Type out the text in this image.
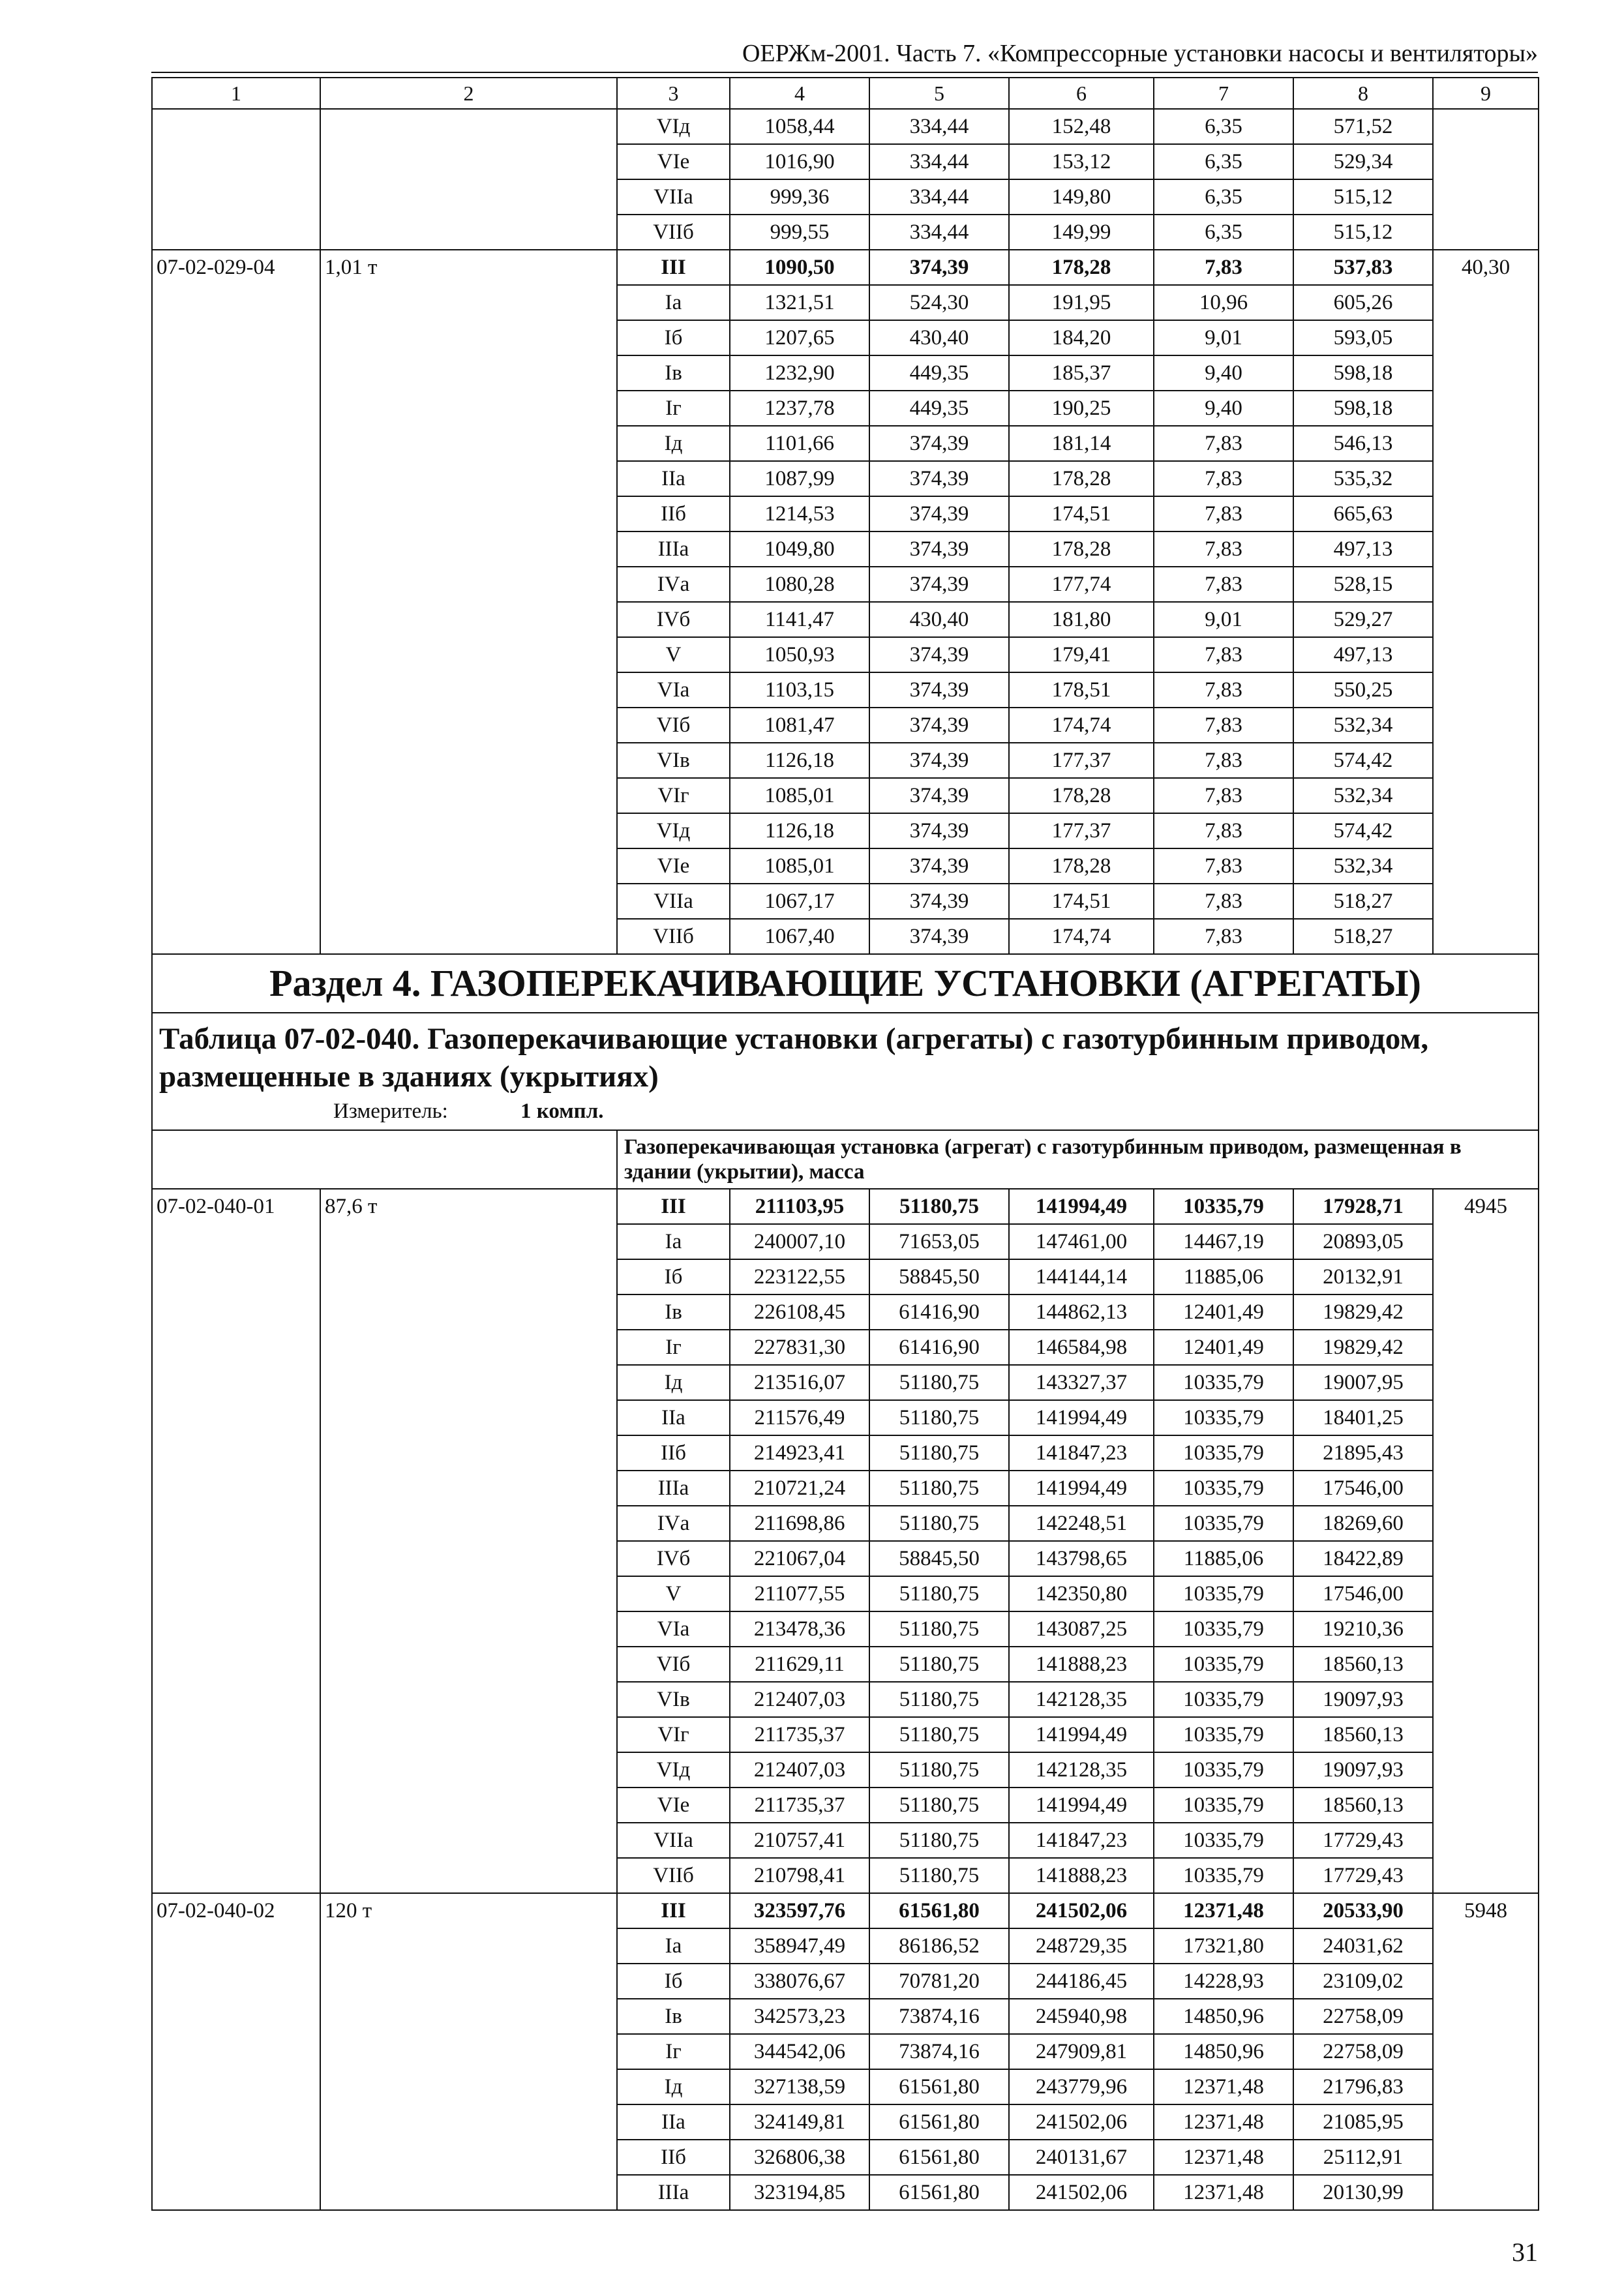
ОЕРЖм-2001. Часть 7. «Компрессорные установки насосы и вентиляторы»
1	2	3	4	5	6	7	8	9
		VIд	1058,44	334,44	152,48	6,35	571,52	
		VIе	1016,90	334,44	153,12	6,35	529,34	
		VIIа	999,36	334,44	149,80	6,35	515,12	
		VIIб	999,55	334,44	149,99	6,35	515,12	
07-02-029-04	1,01 т	III	1090,50	374,39	178,28	7,83	537,83	40,30
		Iа	1321,51	524,30	191,95	10,96	605,26	
		Iб	1207,65	430,40	184,20	9,01	593,05	
		Iв	1232,90	449,35	185,37	9,40	598,18	
		Iг	1237,78	449,35	190,25	9,40	598,18	
		Iд	1101,66	374,39	181,14	7,83	546,13	
		IIа	1087,99	374,39	178,28	7,83	535,32	
		IIб	1214,53	374,39	174,51	7,83	665,63	
		IIIа	1049,80	374,39	178,28	7,83	497,13	
		IVа	1080,28	374,39	177,74	7,83	528,15	
		IVб	1141,47	430,40	181,80	9,01	529,27	
		V	1050,93	374,39	179,41	7,83	497,13	
		VIа	1103,15	374,39	178,51	7,83	550,25	
		VIб	1081,47	374,39	174,74	7,83	532,34	
		VIв	1126,18	374,39	177,37	7,83	574,42	
		VIг	1085,01	374,39	178,28	7,83	532,34	
		VIд	1126,18	374,39	177,37	7,83	574,42	
		VIе	1085,01	374,39	178,28	7,83	532,34	
		VIIа	1067,17	374,39	174,51	7,83	518,27	
		VIIб	1067,40	374,39	174,74	7,83	518,27	
Раздел 4. ГАЗОПЕРЕКАЧИВАЮЩИЕ УСТАНОВКИ (АГРЕГАТЫ)								

Таблица 07-02-040. Газоперекачивающие установки (агрегаты) с газотурбинным приводом, размещенные в зданиях (укрытиях)
Измеритель: 1 компл.								

		Газоперекачивающая установка (агрегат) с газотурбинным приводом, размещенная в здании (укрытии), масса						
07-02-040-01	87,6 т	III	211103,95	51180,75	141994,49	10335,79	17928,71	4945
		Iа	240007,10	71653,05	147461,00	14467,19	20893,05	
		Iб	223122,55	58845,50	144144,14	11885,06	20132,91	
		Iв	226108,45	61416,90	144862,13	12401,49	19829,42	
		Iг	227831,30	61416,90	146584,98	12401,49	19829,42	
		Iд	213516,07	51180,75	143327,37	10335,79	19007,95	
		IIа	211576,49	51180,75	141994,49	10335,79	18401,25	
		IIб	214923,41	51180,75	141847,23	10335,79	21895,43	
		IIIа	210721,24	51180,75	141994,49	10335,79	17546,00	
		IVа	211698,86	51180,75	142248,51	10335,79	18269,60	
		IVб	221067,04	58845,50	143798,65	11885,06	18422,89	
		V	211077,55	51180,75	142350,80	10335,79	17546,00	
		VIа	213478,36	51180,75	143087,25	10335,79	19210,36	
		VIб	211629,11	51180,75	141888,23	10335,79	18560,13	
		VIв	212407,03	51180,75	142128,35	10335,79	19097,93	
		VIг	211735,37	51180,75	141994,49	10335,79	18560,13	
		VIд	212407,03	51180,75	142128,35	10335,79	19097,93	
		VIе	211735,37	51180,75	141994,49	10335,79	18560,13	
		VIIа	210757,41	51180,75	141847,23	10335,79	17729,43	
		VIIб	210798,41	51180,75	141888,23	10335,79	17729,43	
07-02-040-02	120 т	III	323597,76	61561,80	241502,06	12371,48	20533,90	5948
		Iа	358947,49	86186,52	248729,35	17321,80	24031,62	
		Iб	338076,67	70781,20	244186,45	14228,93	23109,02	
		Iв	342573,23	73874,16	245940,98	14850,96	22758,09	
		Iг	344542,06	73874,16	247909,81	14850,96	22758,09	
		Iд	327138,59	61561,80	243779,96	12371,48	21796,83	
		IIа	324149,81	61561,80	241502,06	12371,48	21085,95	
		IIб	326806,38	61561,80	240131,67	12371,48	25112,91	
		IIIа	323194,85	61561,80	241502,06	12371,48	20130,99	
31
